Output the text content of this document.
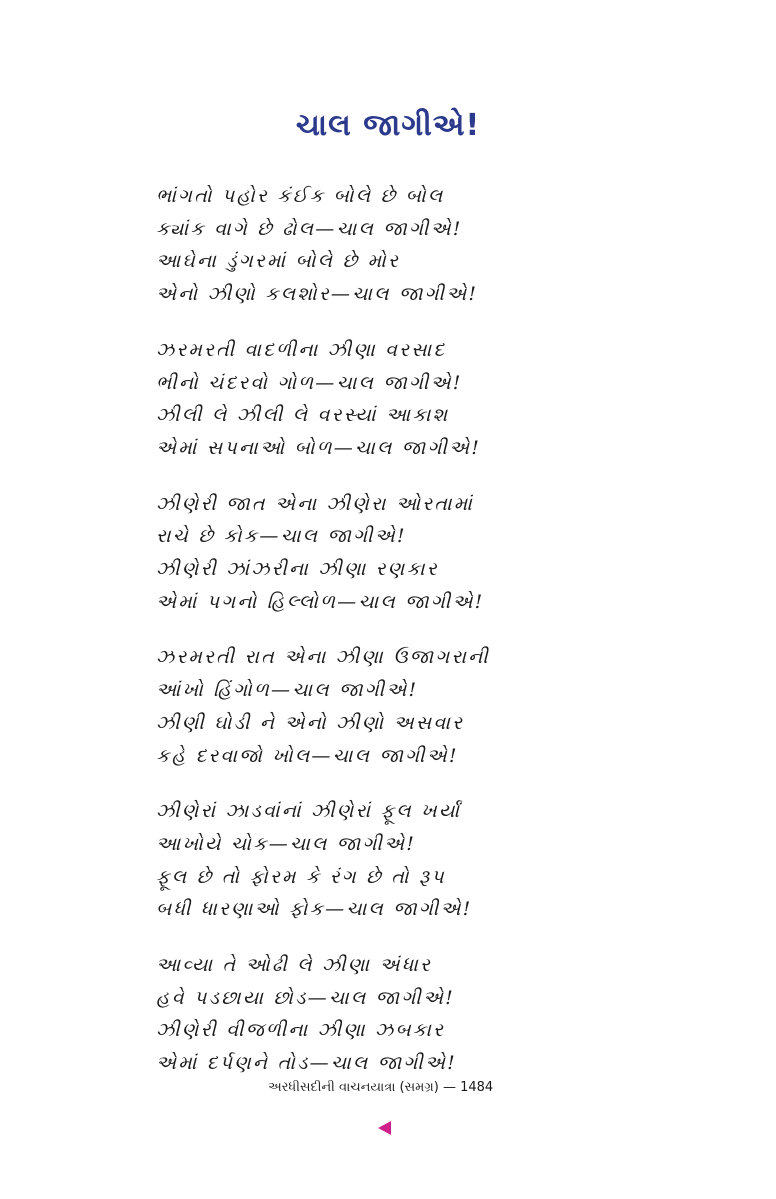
ચાલ જાગીએ!
ભાંગતો પહોર કંઈક બોલે છે બોલ
ક્યાંક વાગે છે ઢોલ—ચાલ જાગીએ!
આઘેના ડુંગરમાં બોલે છે મોર
એનો ઝીણો કલશોર—ચાલ જાગીએ!
ઝરમરતી વાદળીના ઝીણા વરસાદ
ભીનો ચંદરવો ગોળ—ચાલ જાગીએ!
ઝીલી લે ઝીલી લે વરસ્યાં આકાશ
એમાં સપનાઓ બોળ—ચાલ જાગીએ!
ઝીણેરી જાત એના ઝીણેરા ઓરતામાં
રાચે છે કોક—ચાલ જાગીએ!
ઝીણેરી ઝાંઝરીના ઝીણા રણકાર
એમાં પગનો હિલ્લોળ—ચાલ જાગીએ!
ઝરમરતી રાત એના ઝીણા ઉજાગરાની
આંખો હિંગોળ—ચાલ જાગીએ!
ઝીણી ઘોડી ને એનો ઝીણો અસવાર
કહે દરવાજો ખોલ—ચાલ જાગીએ!
ઝીણેરાં ઝાડવાંનાં ઝીણેરાં ફૂલ ખર્યાં
આખોયે ચોક—ચાલ જાગીએ!
ફૂલ છે તો ફોરમ કે રંગ છે તો રૂપ
બધી ધારણાઓ ફોક—ચાલ જાગીએ!
આવ્યા તે ઓઢી લે ઝીણા અંધાર
હવે પડછાયા છોડ—ચાલ જાગીએ!
ઝીણેરી વીજળીના ઝીણા ઝબકાર
એમાં દર્પણને તોડ—ચાલ જાગીએ!
અરધીસદીની વાચનયાત્રા (સમગ્ર) — 1484
